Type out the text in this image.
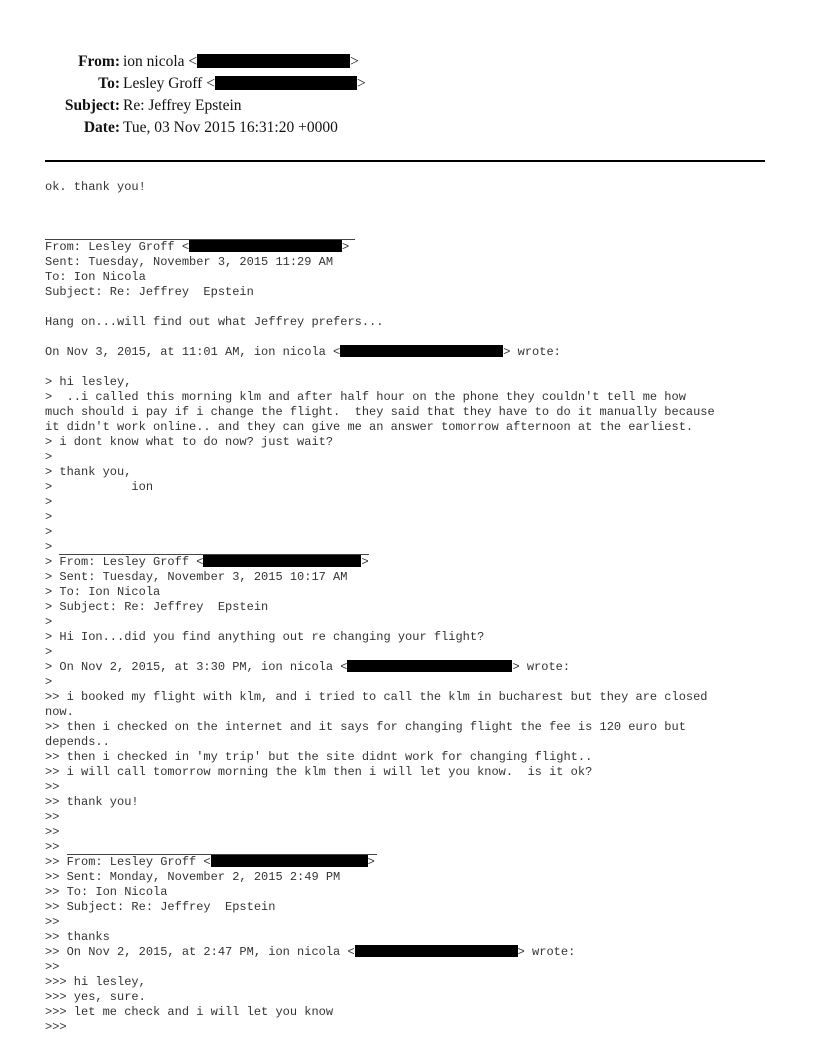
From: ion nicola <	>
To: Lesley Groff <	>
Subject: Re: Jeffrey Epstein
Date: Tue, 03 Nov 2015 16:31:20 +0000
ok. thank you!
From: Lesley Groff <	>
Sent: Tuesday, November 3, 2015 11:29 AM
To: Ion Nicola
Subject: Re: Jeffrey  Epstein
Hang on...will find out what Jeffrey prefers...
On Nov 3, 2015, at 11:01 AM, ion nicola <	> wrote:
> hi lesley,
>  ..i called this morning klm and after half hour on the phone they couldn't tell me how
much should i pay if i change the flight.  they said that they have to do it manually because
it didn't work online.. and they can give me an answer tomorrow afternoon at the earliest.
> i dont know what to do now? just wait?
>
> thank you,
>           ion
>
>
>
>
> From: Lesley Groff <	>
> Sent: Tuesday, November 3, 2015 10:17 AM
> To: Ion Nicola
> Subject: Re: Jeffrey  Epstein
>
> Hi Ion...did you find anything out re changing your flight?
>
> On Nov 2, 2015, at 3:30 PM, ion nicola <	> wrote:
>
>> i booked my flight with klm, and i tried to call the klm in bucharest but they are closed
now.
>> then i checked on the internet and it says for changing flight the fee is 120 euro but
depends..
>> then i checked in 'my trip' but the site didnt work for changing flight..
>> i will call tomorrow morning the klm then i will let you know.  is it ok?
>>
>> thank you!
>>
>>
>>
>> From: Lesley Groff <	>
>> Sent: Monday, November 2, 2015 2:49 PM
>> To: Ion Nicola
>> Subject: Re: Jeffrey  Epstein
>>
>> thanks
>> On Nov 2, 2015, at 2:47 PM, ion nicola <	> wrote:
>>
>>> hi lesley,
>>> yes, sure.
>>> let me check and i will let you know
>>>
